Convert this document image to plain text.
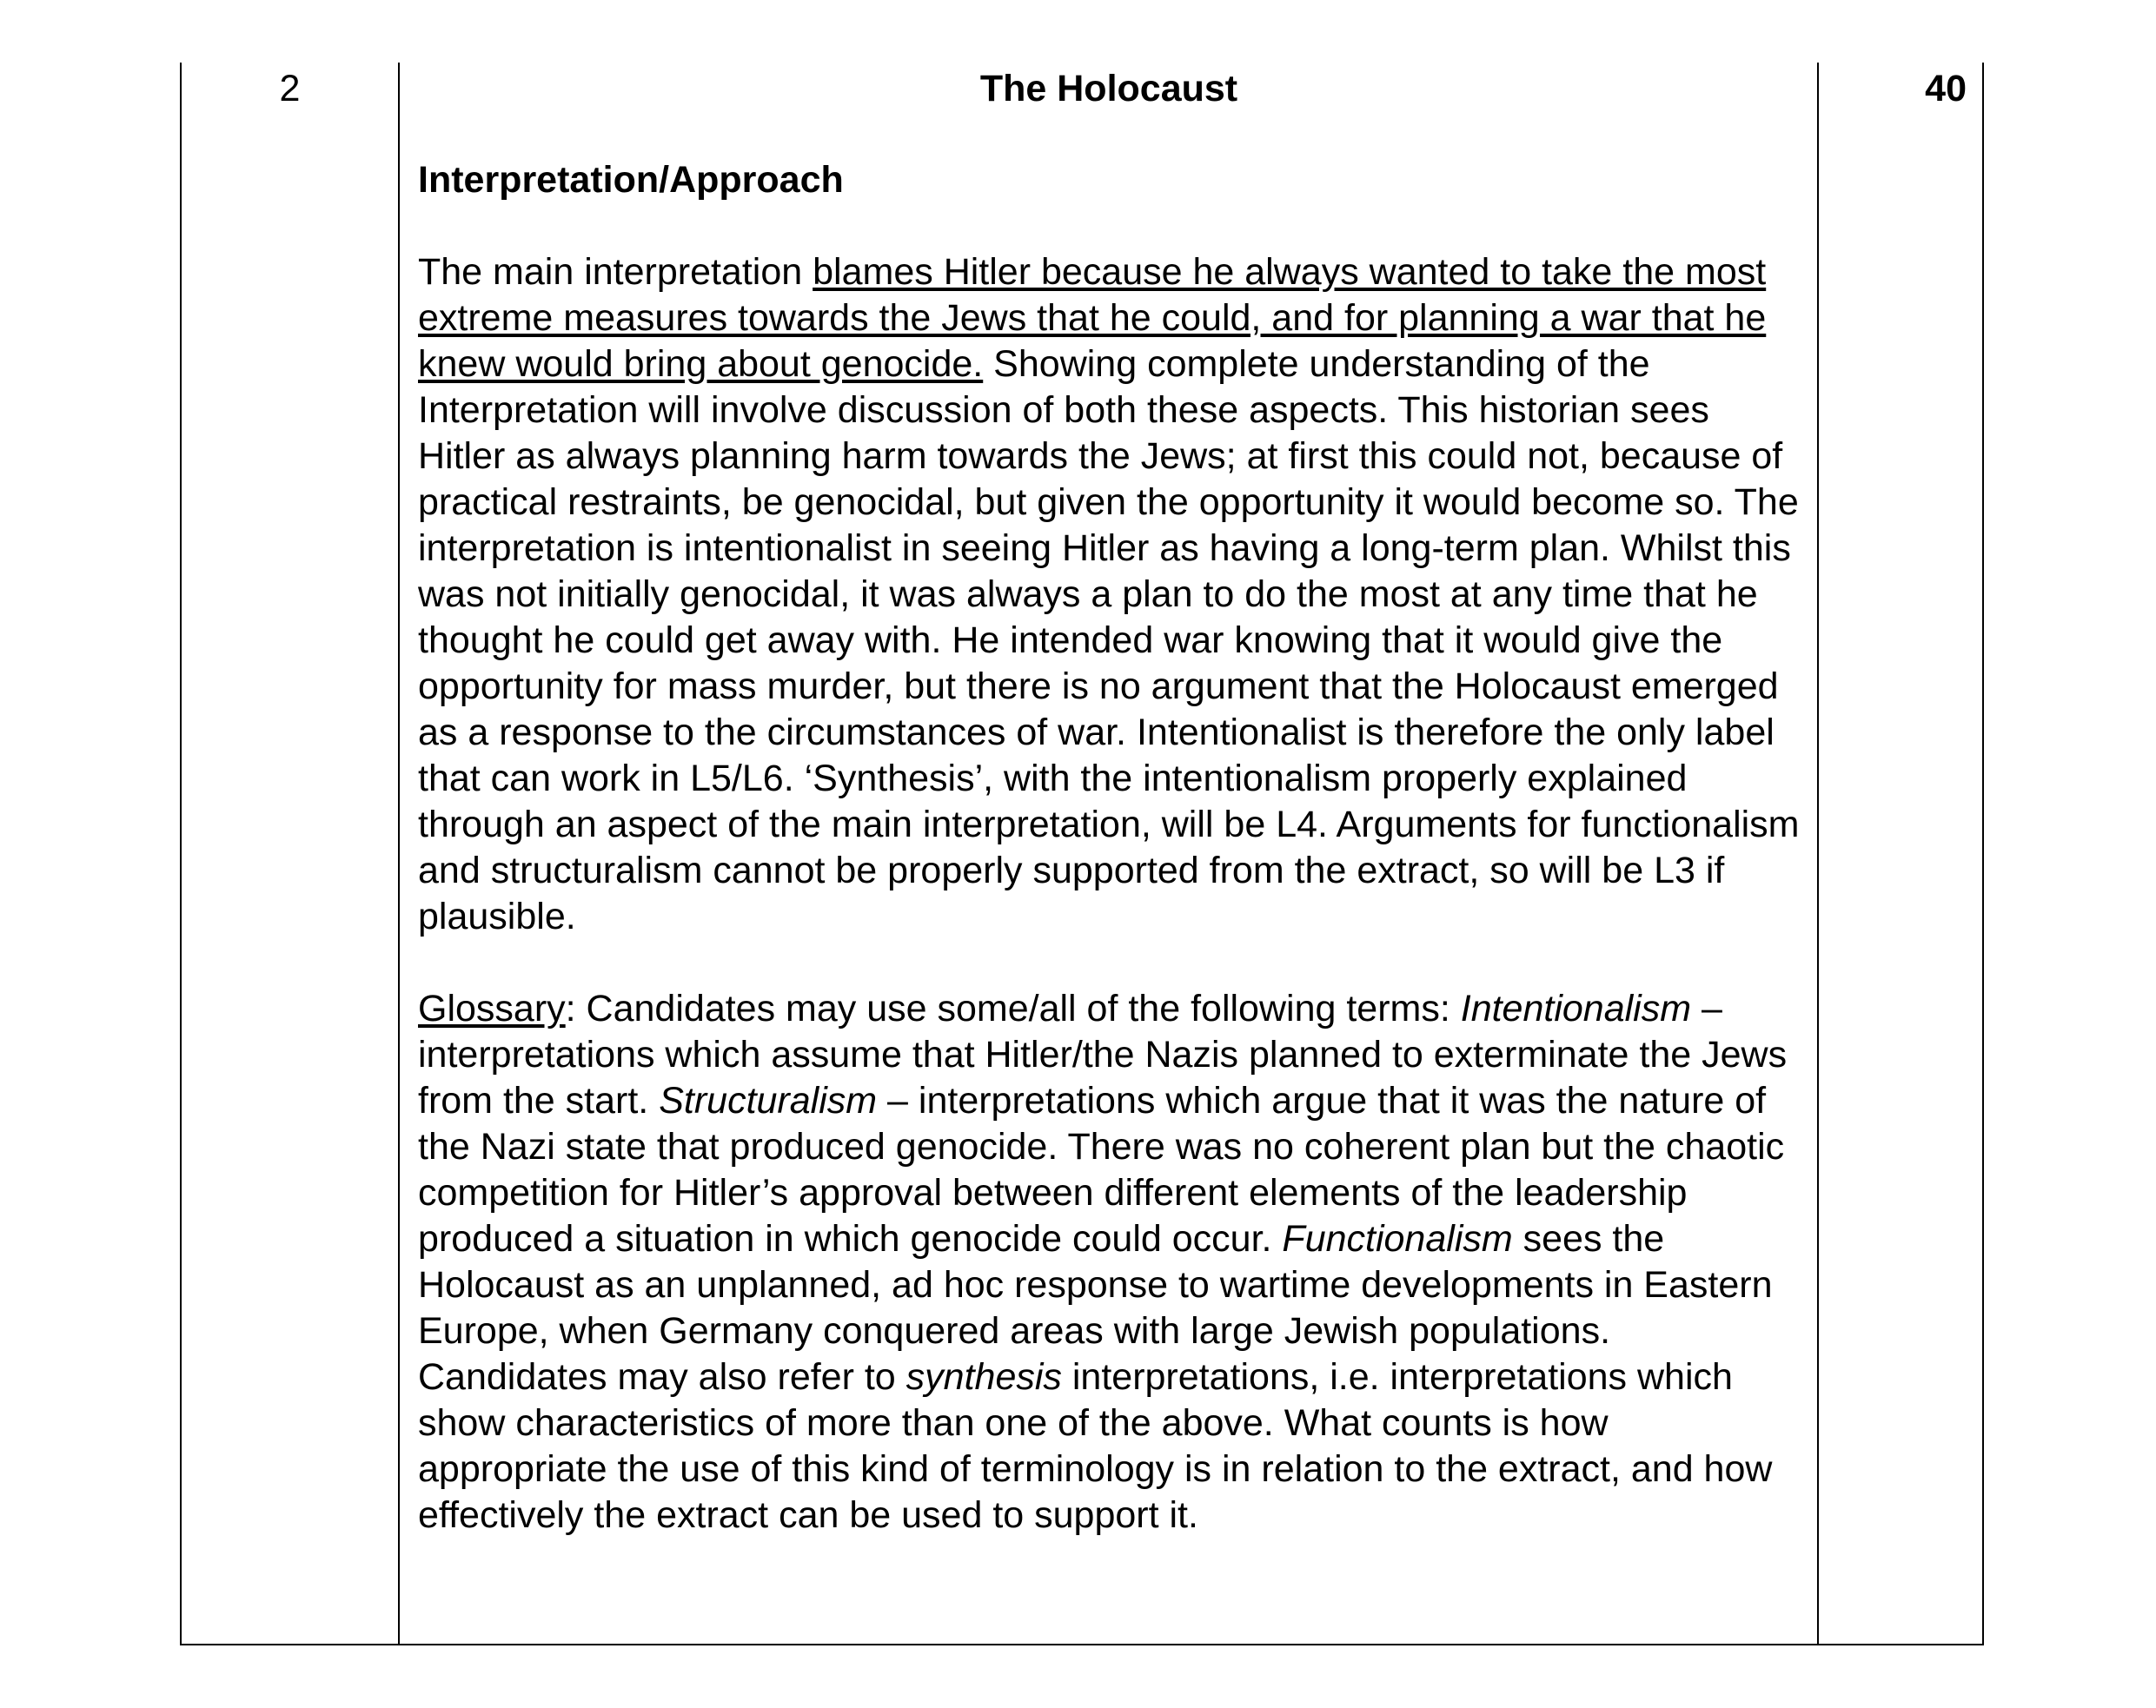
2	The Holocaust

Interpretation/Approach

The main interpretation blames Hitler because he always wanted to take the most extreme measures towards the Jews that he could, and for planning a war that he knew would bring about genocide. Showing complete understanding of the Interpretation will involve discussion of both these aspects. This historian sees Hitler as always planning harm towards the Jews; at first this could not, because of practical restraints, be genocidal, but given the opportunity it would become so. The interpretation is intentionalist in seeing Hitler as having a long-term plan. Whilst this was not initially genocidal, it was always a plan to do the most at any time that he thought he could get away with. He intended war knowing that it would give the opportunity for mass murder, but there is no argument that the Holocaust emerged as a response to the circumstances of war. Intentionalist is therefore the only label that can work in L5/L6. ‘Synthesis’, with the intentionalism properly explained through an aspect of the main interpretation, will be L4. Arguments for functionalism and structuralism cannot be properly supported from the extract, so will be L3 if plausible.

Glossary: Candidates may use some/all of the following terms: Intentionalism – interpretations which assume that Hitler/the Nazis planned to exterminate the Jews from the start. Structuralism – interpretations which argue that it was the nature of the Nazi state that produced genocide. There was no coherent plan but the chaotic competition for Hitler’s approval between different elements of the leadership produced a situation in which genocide could occur. Functionalism sees the Holocaust as an unplanned, ad hoc response to wartime developments in Eastern Europe, when Germany conquered areas with large Jewish populations. Candidates may also refer to synthesis interpretations, i.e. interpretations which show characteristics of more than one of the above. What counts is how appropriate the use of this kind of terminology is in relation to the extract, and how effectively the extract can be used to support it.

40
